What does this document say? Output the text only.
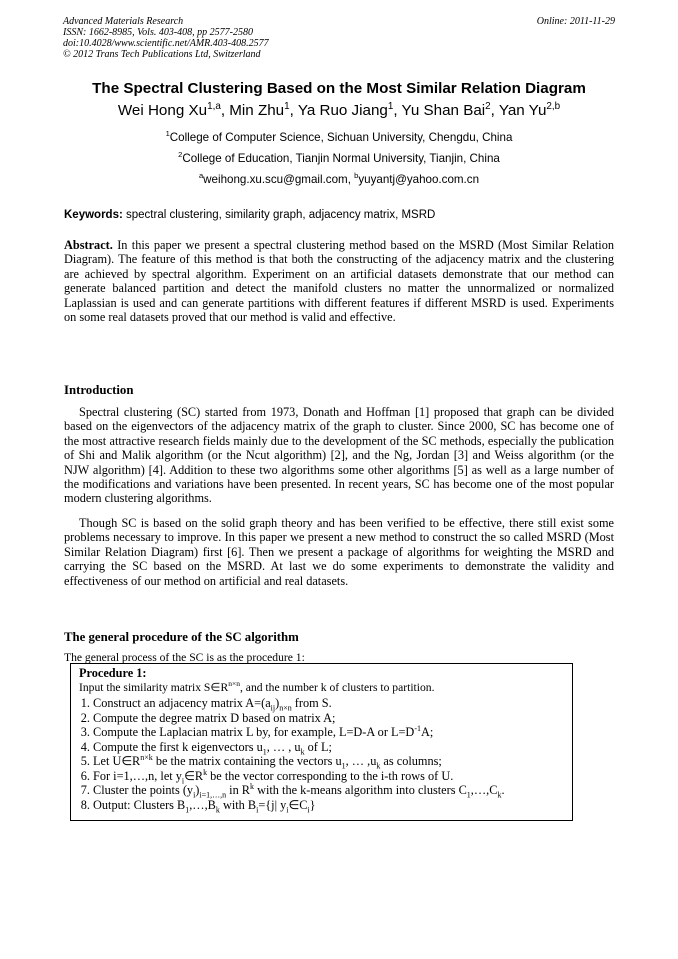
Advanced Materials Research
ISSN: 1662-8985, Vols. 403-408, pp 2577-2580
doi:10.4028/www.scientific.net/AMR.403-408.2577
© 2012 Trans Tech Publications Ltd, Switzerland
Online: 2011-11-29
The Spectral Clustering Based on the Most Similar Relation Diagram
Wei Hong Xu$^{1,a}$, Min Zhu$^1$, Ya Ruo Jiang$^1$, Yu Shan Bai$^2$, Yan Yu$^{2,b}$
$^1$College of Computer Science, Sichuan University, Chengdu, China
$^2$College of Education, Tianjin Normal University, Tianjin, China
$^a$weihong.xu.scu@gmail.com, $^b$yuyantj@yahoo.com.cn
Keywords: spectral clustering, similarity graph, adjacency matrix, MSRD
Abstract. In this paper we present a spectral clustering method based on the MSRD (Most Similar Relation Diagram). The feature of this method is that both the constructing of the adjacency matrix and the clustering are achieved by spectral algorithm. Experiment on an artificial datasets demonstrate that our method can generate balanced partition and detect the manifold clusters no matter the unnormalized or normalized Laplassian is used and can generate partitions with different features if different MSRD is used. Experiments on some real datasets proved that our method is valid and effective.
Introduction
Spectral clustering (SC) started from 1973, Donath and Hoffman [1] proposed that graph can be divided based on the eigenvectors of the adjacency matrix of the graph to cluster. Since 2000, SC has become one of the most attractive research fields mainly due to the development of the SC methods, especially the publication of Shi and Malik algorithm (or the Ncut algorithm) [2], and the Ng, Jordan [3] and Weiss algorithm (or the NJW algorithm) [4]. Addition to these two algorithms some other algorithms [5] as well as a large number of the modifications and variations have been presented. In recent years, SC has become one of the most popular modern clustering algorithms.
Though SC is based on the solid graph theory and has been verified to be effective, there still exist some problems necessary to improve. In this paper we present a new method to construct the so called MSRD (Most Similar Relation Diagram) first [6]. Then we present a package of algorithms for weighting the MSRD and carrying the SC based on the MSRD. At last we do some experiments to demonstrate the validity and effectiveness of our method on artificial and real datasets.
The general procedure of the SC algorithm
The general process of the SC is as the procedure 1:
Procedure 1:
Input the similarity matrix $S\in R^{n\times n}$, and the number k of clusters to partition.
1. Construct an adjacency matrix $A=(a_{ij})_{n\times n}$ from S.
2. Compute the degree matrix D based on matrix A;
3. Compute the Laplacian matrix L by, for example, L=D-A or $L=D^{-1}A$;
4. Compute the first k eigenvectors $u_1$, … , $u_k$ of L;
5. Let $U\in R^{n\times k}$ be the matrix containing the vectors $u_1$, … $,u_k$ as columns;
6. For i=1,…,n, let $y_i\in R^k$ be the vector corresponding to the i-th rows of U.
7. Cluster the points $(y_i)_{i=1,\dots,n}$ in $R^k$ with the k-means algorithm into clusters $C_1,\dots,C_k$.
8. Output: Clusters $B_1,\dots,B_k$ with $B_i=\{j|$ $y_i\in C_i$}
